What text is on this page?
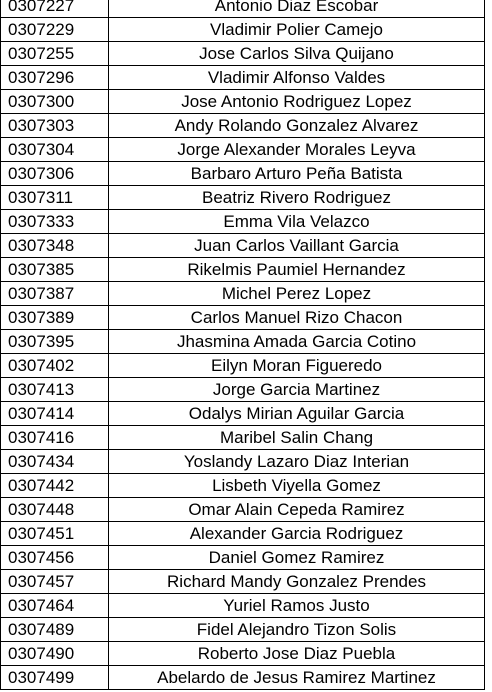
0307227	Antonio Diaz Escobar
0307229	Vladimir Polier Camejo
0307255	Jose Carlos Silva Quijano
0307296	Vladimir Alfonso Valdes
0307300	Jose Antonio Rodriguez Lopez
0307303	Andy Rolando Gonzalez Alvarez
0307304	Jorge Alexander Morales Leyva
0307306	Barbaro Arturo Peña Batista
0307311	Beatriz Rivero Rodriguez
0307333	Emma Vila Velazco
0307348	Juan Carlos Vaillant Garcia
0307385	Rikelmis Paumiel Hernandez
0307387	Michel Perez Lopez
0307389	Carlos Manuel Rizo Chacon
0307395	Jhasmina Amada Garcia Cotino
0307402	Eilyn Moran Figueredo
0307413	Jorge Garcia Martinez
0307414	Odalys Mirian Aguilar Garcia
0307416	Maribel Salin Chang
0307434	Yoslandy Lazaro Diaz Interian
0307442	Lisbeth Viyella Gomez
0307448	Omar Alain Cepeda Ramirez
0307451	Alexander Garcia Rodriguez
0307456	Daniel Gomez Ramirez
0307457	Richard Mandy Gonzalez Prendes
0307464	Yuriel Ramos Justo
0307489	Fidel Alejandro Tizon Solis
0307490	Roberto Jose Diaz Puebla
0307499	Abelardo de Jesus Ramirez Martinez
